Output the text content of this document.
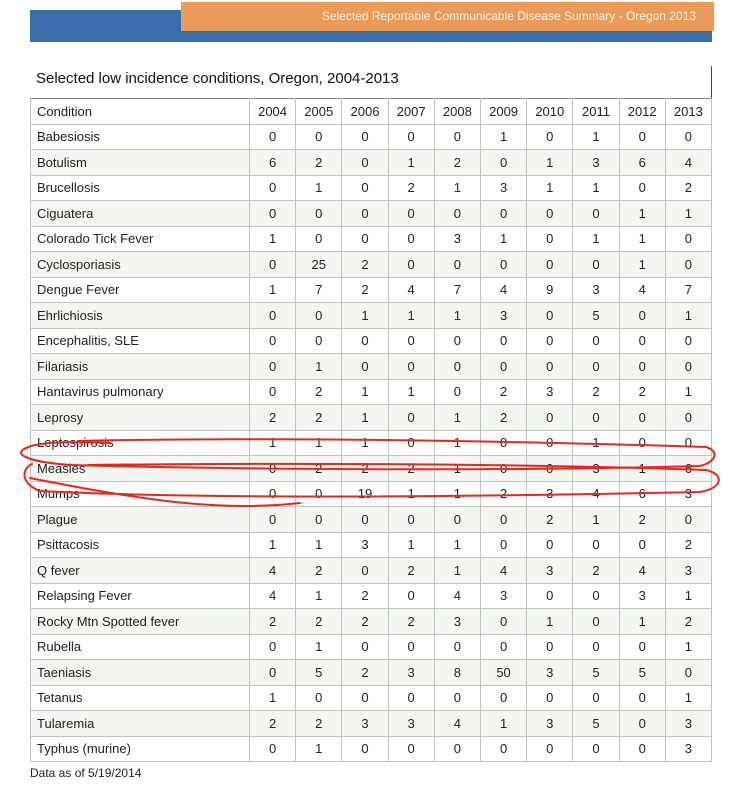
Selected Reportable Communicable Disease Summary - Oregon 2013
Selected low incidence conditions, Oregon, 2004-2013
Condition	2004	2005	2006	2007	2008	2009	2010	2011	2012	2013
Babesiosis	0	0	0	0	0	1	0	1	0	0
Botulism	6	2	0	1	2	0	1	3	6	4
Brucellosis	0	1	0	2	1	3	1	1	0	2
Ciguatera	0	0	0	0	0	0	0	0	1	1
Colorado Tick Fever	1	0	0	0	3	1	0	1	1	0
Cyclosporiasis	0	25	2	0	0	0	0	0	1	0
Dengue Fever	1	7	2	4	7	4	9	3	4	7
Ehrlichiosis	0	0	1	1	1	3	0	5	0	1
Encephalitis, SLE	0	0	0	0	0	0	0	0	0	0
Filariasis	0	1	0	0	0	0	0	0	0	0
Hantavirus pulmonary	0	2	1	1	0	2	3	2	2	1
Leprosy	2	2	1	0	1	2	0	0	0	0
Leptospirosis	1	1	1	0	1	0	0	1	0	0
Measles	0	2	2	2	1	0	0	3	1	6
Mumps	0	0	19	1	1	2	3	4	6	3
Plague	0	0	0	0	0	0	2	1	2	0
Psittacosis	1	1	3	1	1	0	0	0	0	2
Q fever	4	2	0	2	1	4	3	2	4	3
Relapsing Fever	4	1	2	0	4	3	0	0	3	1
Rocky Mtn Spotted fever	2	2	2	2	3	0	1	0	1	2
Rubella	0	1	0	0	0	0	0	0	0	1
Taeniasis	0	5	2	3	8	50	3	5	5	0
Tetanus	1	0	0	0	0	0	0	0	0	1
Tularemia	2	2	3	3	4	1	3	5	0	3
Typhus (murine)	0	1	0	0	0	0	0	0	0	3
Data as of 5/19/2014
